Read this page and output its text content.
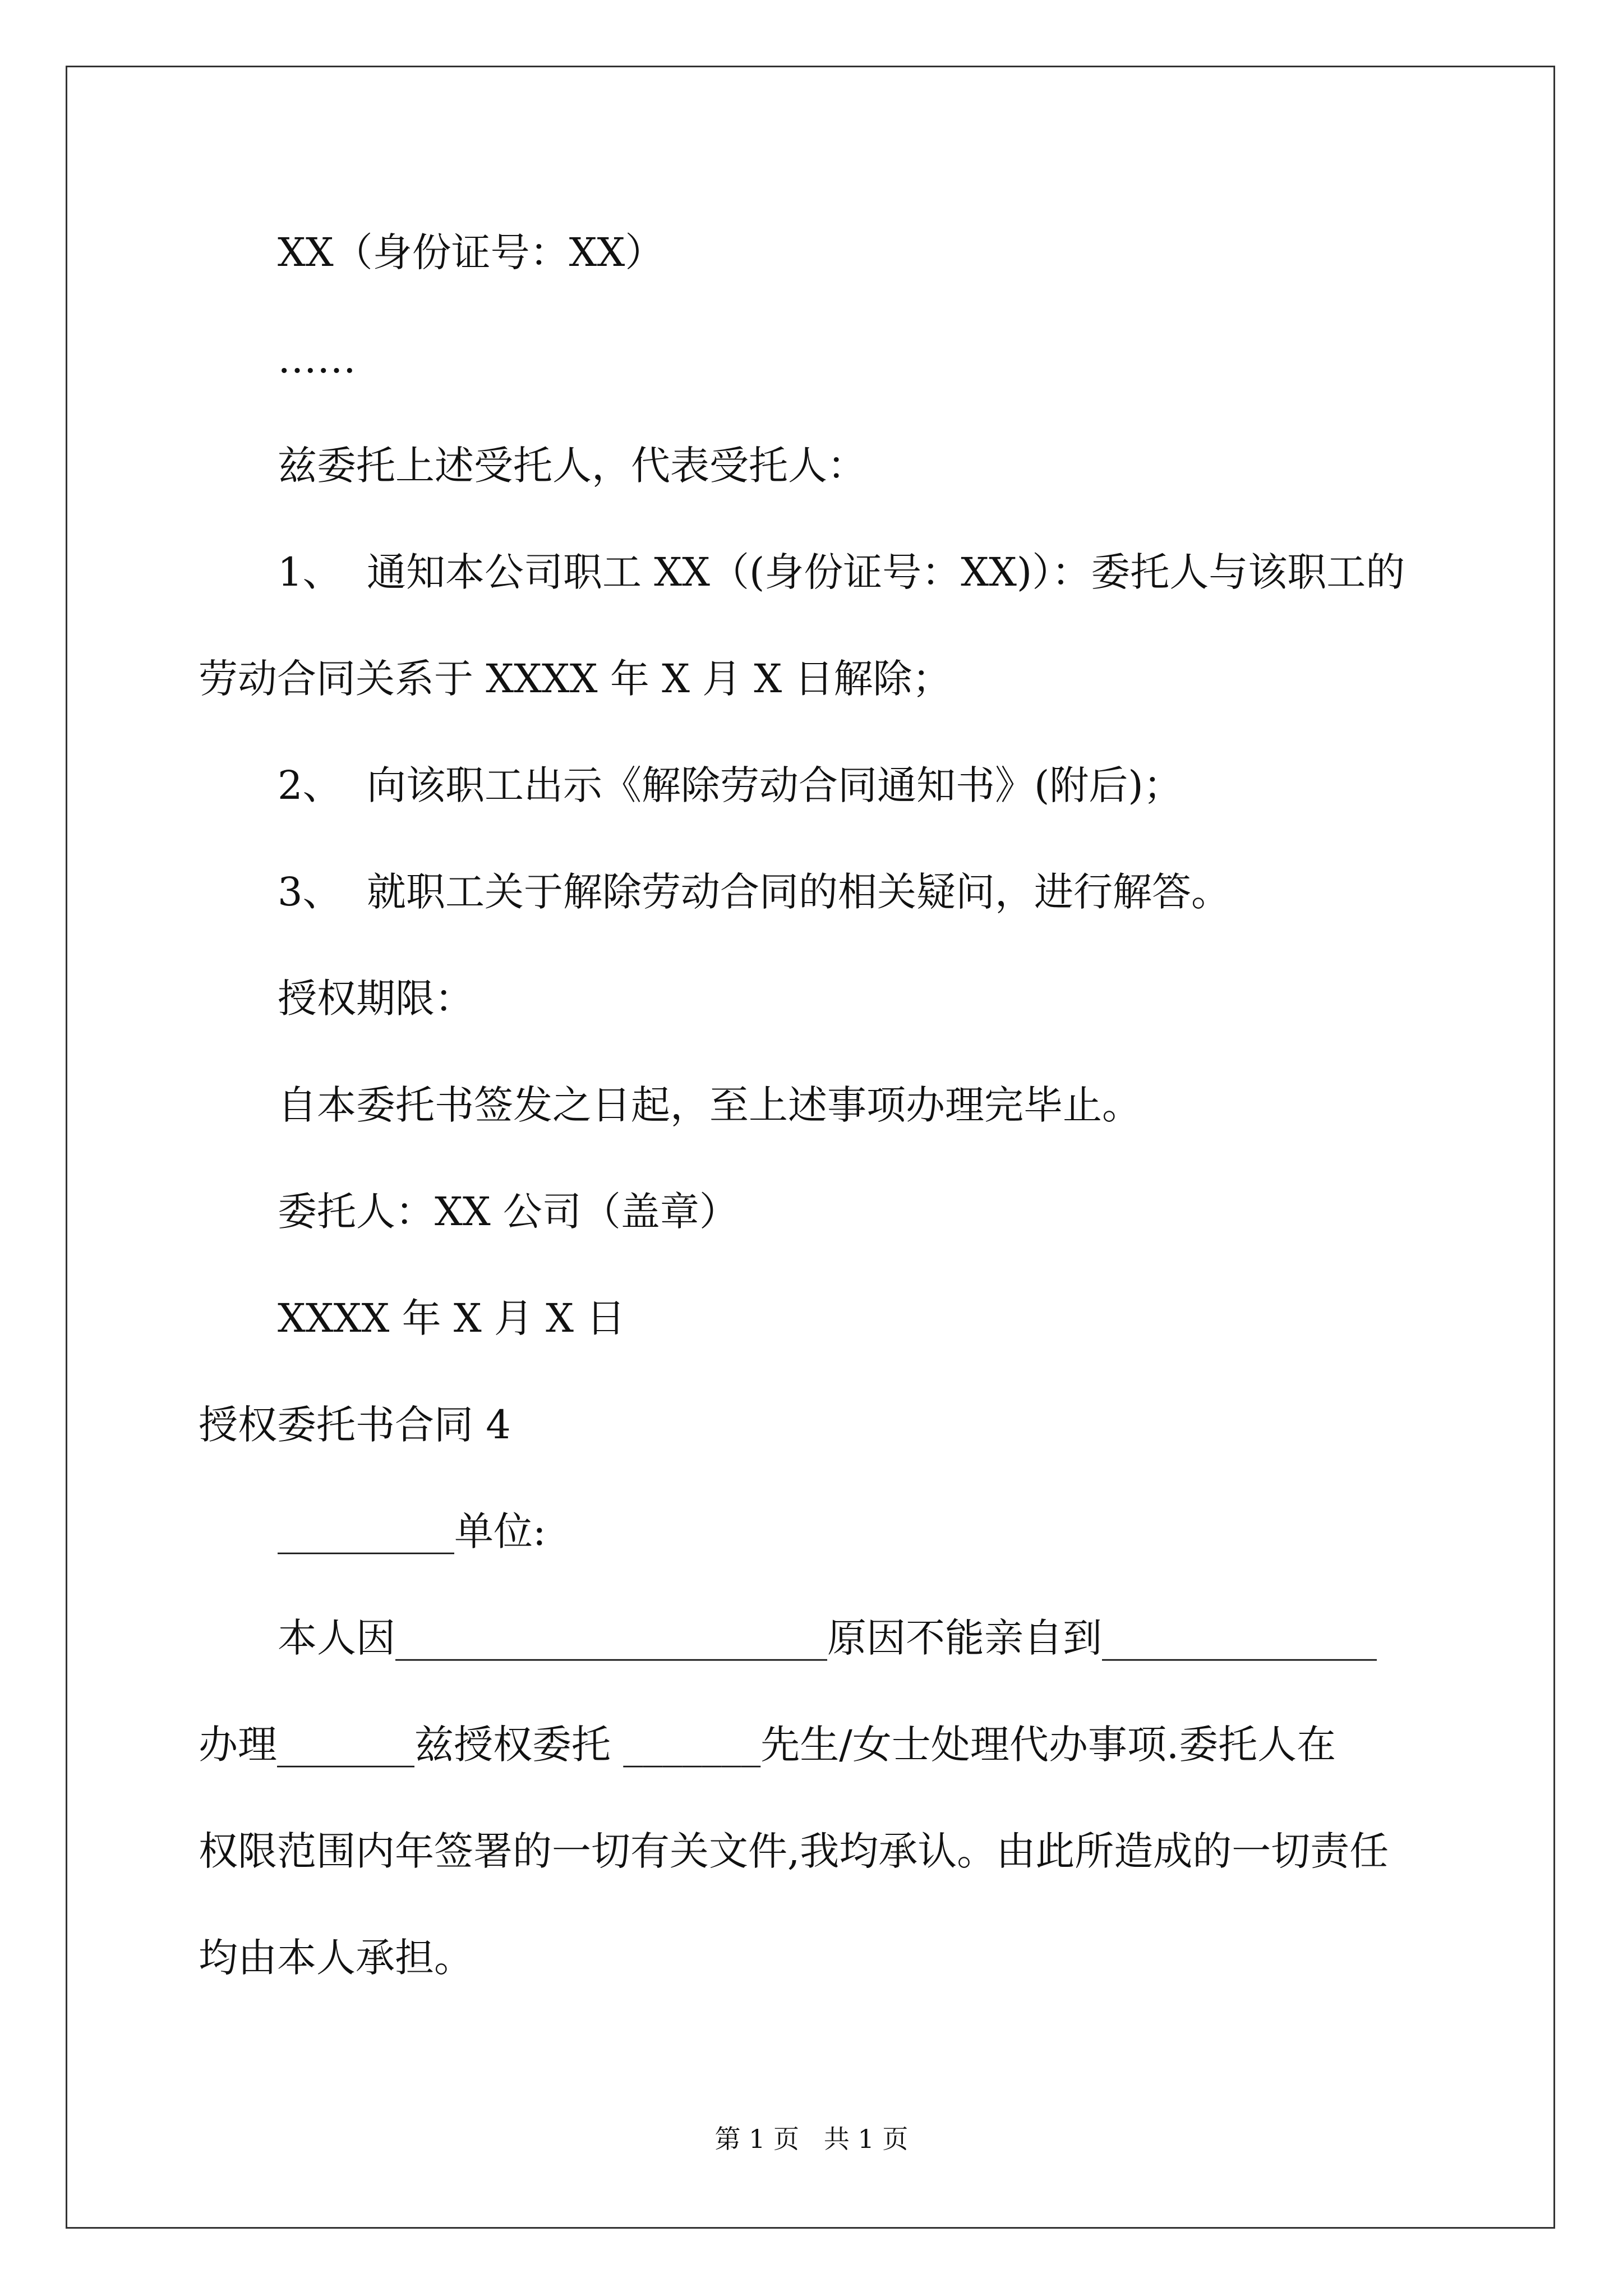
XX（身份证号：XX）
……
兹委托上述受托人，代表受托人：
1、  通知本公司职工 XX（(身份证号：XX)）：委托人与该职工的
劳动合同关系于 XXXX 年 X 月 X 日解除；
2、  向该职工出示《解除劳动合同通知书》(附后)；
3、  就职工关于解除劳动合同的相关疑问，进行解答。
授权期限：
自本委托书签发之日起，至上述事项办理完毕止。
委托人：XX 公司（盖章）
XXXX 年 X 月 X 日
授权委托书合同 4
_________单位:
本人因______________________原因不能亲自到______________
办理_______兹授权委托 _______先生/女士处理代办事项.委托人在
权限范围内年签署的一切有关文件,我均承认。由此所造成的一切责任
均由本人承担。
第 1 页   共 1 页
